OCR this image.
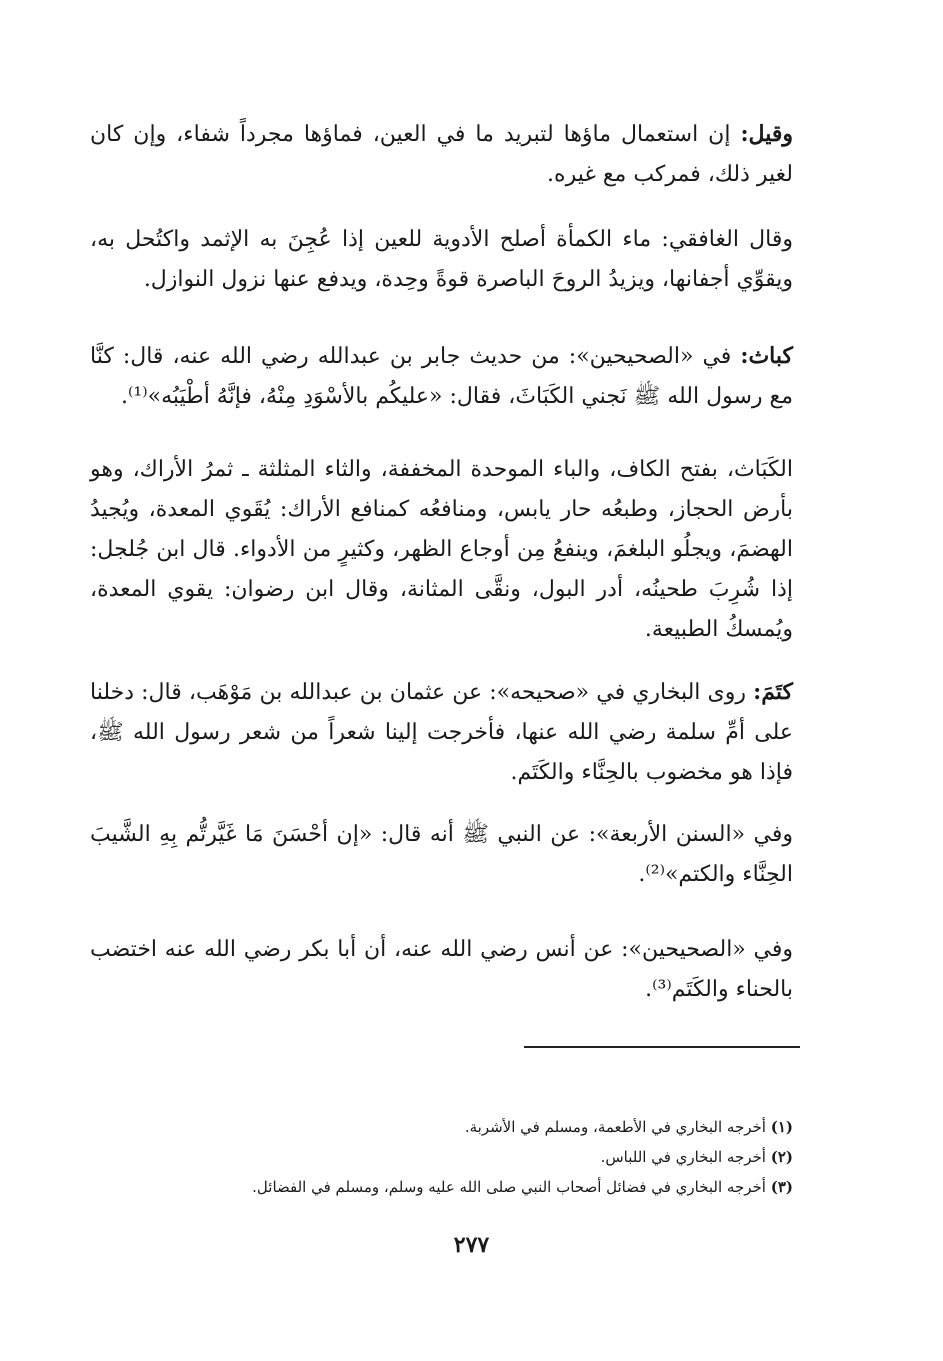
وقيل: إن استعمال ماؤها لتبريد ما في العين، فماؤها مجرداً شفاء، وإن كان لغير ذلك، فمركب مع غيره.

وقال الغافقي: ماء الكمأة أصلح الأدوية للعين إذا عُجِنَ به الإثمد واكتُحل به، ويقوِّي أجفانها، ويزيدُ الروحَ الباصرة قوةً وحِدة، ويدفع عنها نزول النوازل.

كباث: في «الصحيحين»: من حديث جابر بن عبدالله رضي الله عنه، قال: كنَّا مع رسول الله ﷺ نَجني الكَبَاثَ، فقال: «عليكُم بالأسْوَدِ مِنْهُ، فإنَّهُ أطْيَبُه»⁽¹⁾.

الكَبَاث، بفتح الكاف، والباء الموحدة المخففة، والثاء المثلثة ـ ثمرُ الأراك، وهو بأرض الحجاز، وطبعُه حار يابس، ومنافعُه كمنافع الأراك: يُقَوي المعدة، ويُجيدُ الهضمَ، ويجلُو البلغمَ، وينفعُ مِن أوجاع الظهر، وكثيرٍ من الأدواء. قال ابن جُلجل: إذا شُرِبَ طحينُه، أدر البول، ونقَّى المثانة، وقال ابن رضوان: يقوي المعدة، ويُمسكُ الطبيعة.

كتَمَ: روى البخاري في «صحيحه»: عن عثمان بن عبدالله بن مَوْهَب، قال: دخلنا على أمِّ سلمة رضي الله عنها، فأخرجت إلينا شعراً من شعر رسول الله ﷺ، فإذا هو مخضوب بالحِنَّاء والكَتَم.

وفي «السنن الأربعة»: عن النبي ﷺ أنه قال: «إن أحْسَنَ مَا غَيَّرتُّم بِهِ الشَّيبَ الحِنَّاء والكتم»⁽²⁾.

وفي «الصحيحين»: عن أنس رضي الله عنه، أن أبا بكر رضي الله عنه اختضب بالحناء والكَتَم⁽³⁾.

(١) أخرجه البخاري في الأطعمة، ومسلم في الأشربة.

(٢) أخرجه البخاري في اللباس.

(٣) أخرجه البخاري في فضائل أصحاب النبي صلى الله عليه وسلم، ومسلم في الفضائل.

٢٧٧
